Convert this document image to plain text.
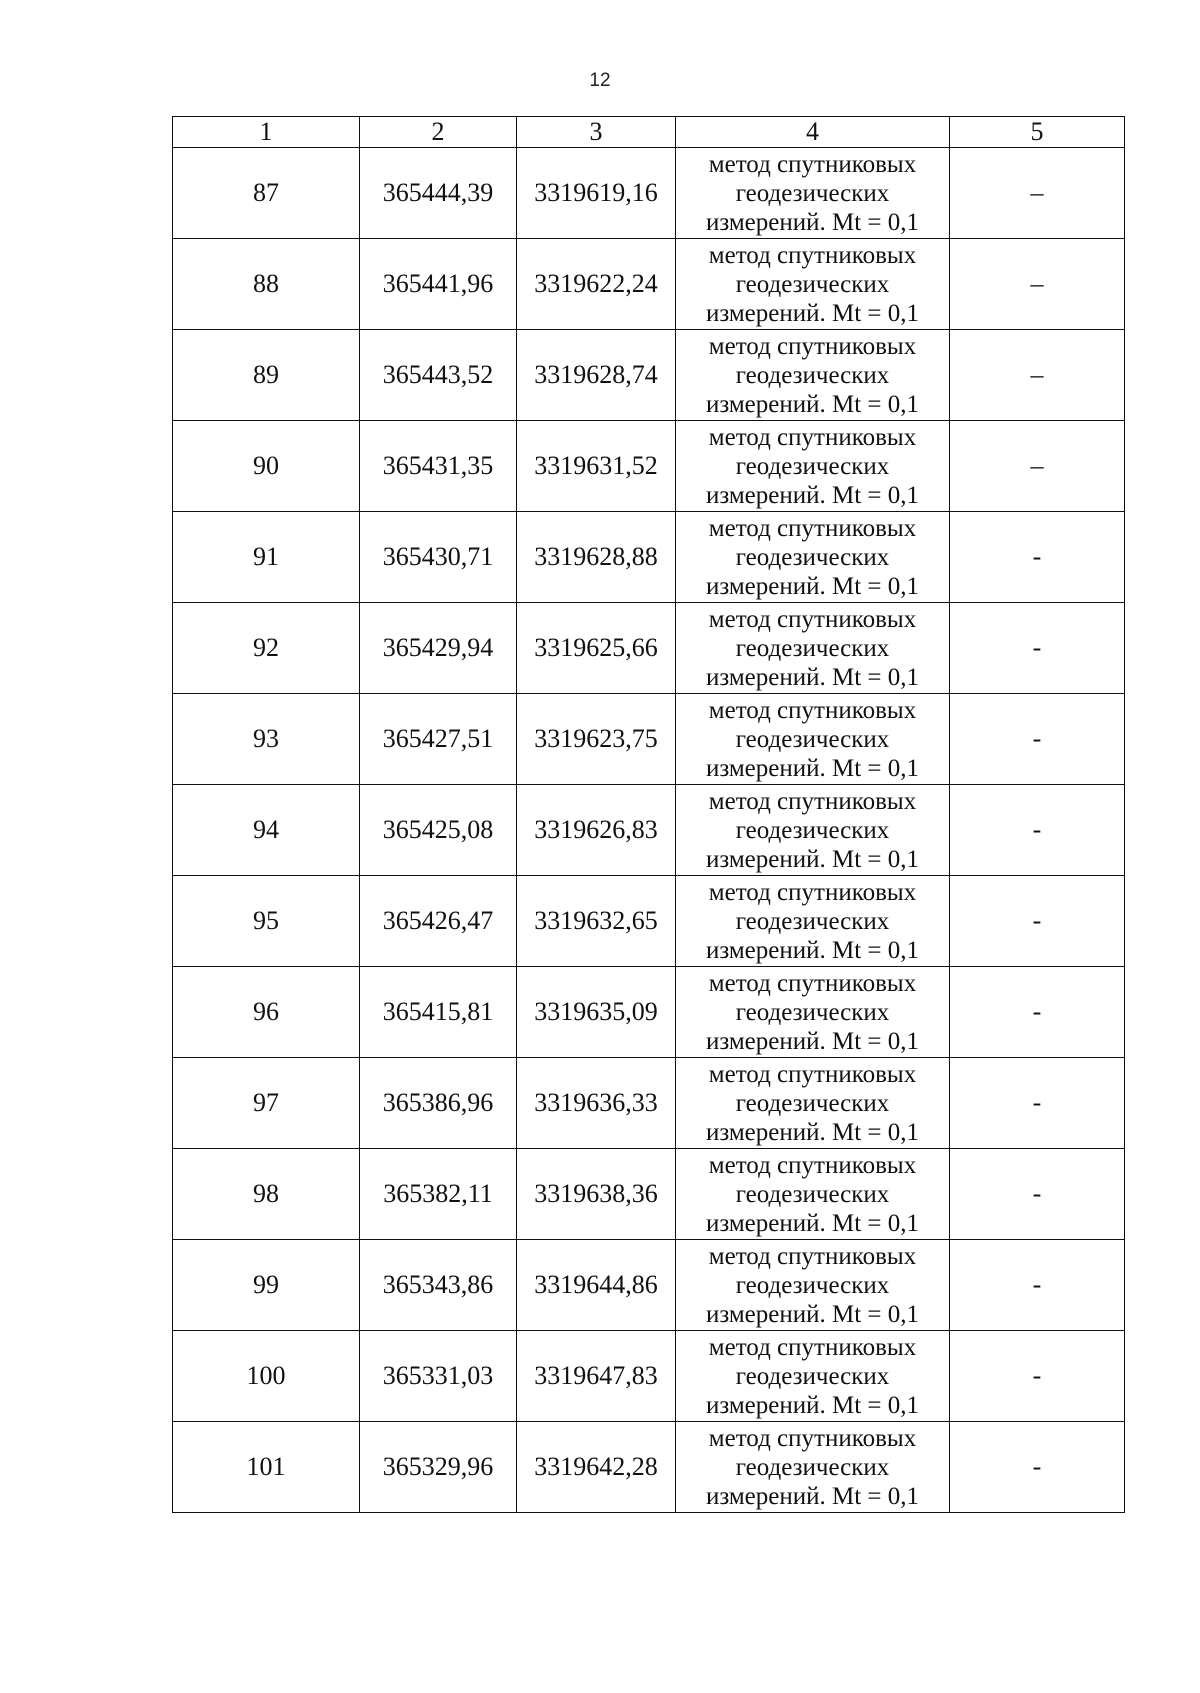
12
1	2	3	4	5
87	365444,39	3319619,16	метод спутниковых
геодезических
измерений. Mt = 0,1	–
88	365441,96	3319622,24	метод спутниковых
геодезических
измерений. Mt = 0,1	–
89	365443,52	3319628,74	метод спутниковых
геодезических
измерений. Mt = 0,1	–
90	365431,35	3319631,52	метод спутниковых
геодезических
измерений. Mt = 0,1	–
91	365430,71	3319628,88	метод спутниковых
геодезических
измерений. Mt = 0,1	-
92	365429,94	3319625,66	метод спутниковых
геодезических
измерений. Mt = 0,1	-
93	365427,51	3319623,75	метод спутниковых
геодезических
измерений. Mt = 0,1	-
94	365425,08	3319626,83	метод спутниковых
геодезических
измерений. Mt = 0,1	-
95	365426,47	3319632,65	метод спутниковых
геодезических
измерений. Mt = 0,1	-
96	365415,81	3319635,09	метод спутниковых
геодезических
измерений. Mt = 0,1	-
97	365386,96	3319636,33	метод спутниковых
геодезических
измерений. Mt = 0,1	-
98	365382,11	3319638,36	метод спутниковых
геодезических
измерений. Mt = 0,1	-
99	365343,86	3319644,86	метод спутниковых
геодезических
измерений. Mt = 0,1	-
100	365331,03	3319647,83	метод спутниковых
геодезических
измерений. Mt = 0,1	-
101	365329,96	3319642,28	метод спутниковых
геодезических
измерений. Mt = 0,1	-
